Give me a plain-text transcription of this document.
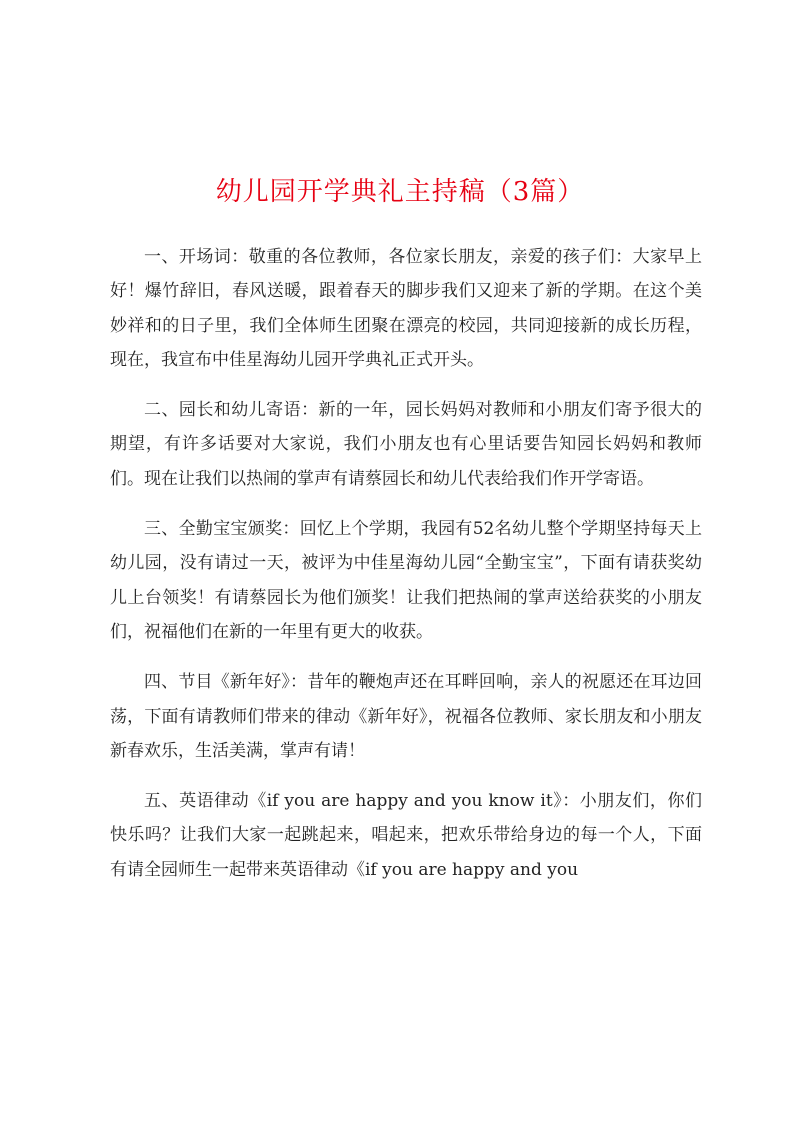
幼儿园开学典礼主持稿（3篇）

一、开场词：敬重的各位教师，各位家长朋友，亲爱的孩子们：大家早上好！爆竹辞旧，春风送暖，跟着春天的脚步我们又迎来了新的学期。在这个美妙祥和的日子里，我们全体师生团聚在漂亮的校园，共同迎接新的成长历程，现在，我宣布中佳星海幼儿园开学典礼正式开头。

二、园长和幼儿寄语：新的一年，园长妈妈对教师和小朋友们寄予很大的期望，有许多话要对大家说，我们小朋友也有心里话要告知园长妈妈和教师们。现在让我们以热闹的掌声有请蔡园长和幼儿代表给我们作开学寄语。

三、全勤宝宝颁奖：回忆上个学期，我园有52名幼儿整个学期坚持每天上幼儿园，没有请过一天，被评为中佳星海幼儿园“全勤宝宝”，下面有请获奖幼儿上台领奖！有请蔡园长为他们颁奖！让我们把热闹的掌声送给获奖的小朋友们，祝福他们在新的一年里有更大的收获。

四、节目《新年好》：昔年的鞭炮声还在耳畔回响，亲人的祝愿还在耳边回荡，下面有请教师们带来的律动《新年好》，祝福各位教师、家长朋友和小朋友新春欢乐，生活美满，掌声有请！

五、英语律动《if you are happy and you know it》：小朋友们，你们快乐吗？让我们大家一起跳起来，唱起来，把欢乐带给身边的每一个人，下面有请全园师生一起带来英语律动《if you are happy and you
